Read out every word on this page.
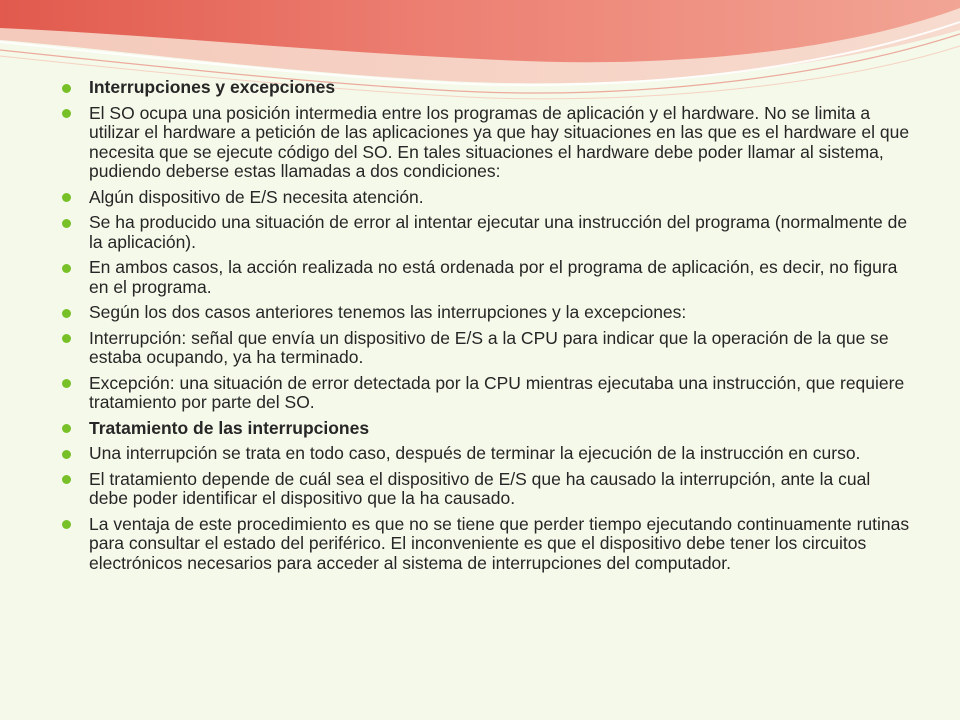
Interrupciones y excepciones
El SO ocupa una posición intermedia entre los programas de aplicación y el hardware. No se limita a utilizar el hardware a petición de las aplicaciones ya que hay situaciones en las que es el hardware el que necesita que se ejecute código del SO. En tales situaciones el hardware debe poder llamar al sistema, pudiendo deberse estas llamadas a dos condiciones:
Algún dispositivo de E/S necesita atención.
Se ha producido una situación de error al intentar ejecutar una instrucción del programa (normalmente de la aplicación).
En ambos casos, la acción realizada no está ordenada por el programa de aplicación, es decir, no figura en el programa.
Según los dos casos anteriores tenemos las interrupciones y la excepciones:
Interrupción: señal que envía un dispositivo de E/S a la CPU para indicar que la operación de la que se estaba ocupando, ya ha terminado.
Excepción: una situación de error detectada por la CPU mientras ejecutaba una instrucción, que requiere tratamiento por parte del SO.
Tratamiento de las interrupciones
Una interrupción se trata en todo caso, después de terminar la ejecución de la instrucción en curso.
El tratamiento depende de cuál sea el dispositivo de E/S que ha causado la interrupción, ante la cual debe poder identificar el dispositivo que la ha causado.
La ventaja de este procedimiento es que no se tiene que perder tiempo ejecutando continuamente rutinas para consultar el estado del periférico. El inconveniente es que el dispositivo debe tener los circuitos electrónicos necesarios para acceder al sistema de interrupciones del computador.
